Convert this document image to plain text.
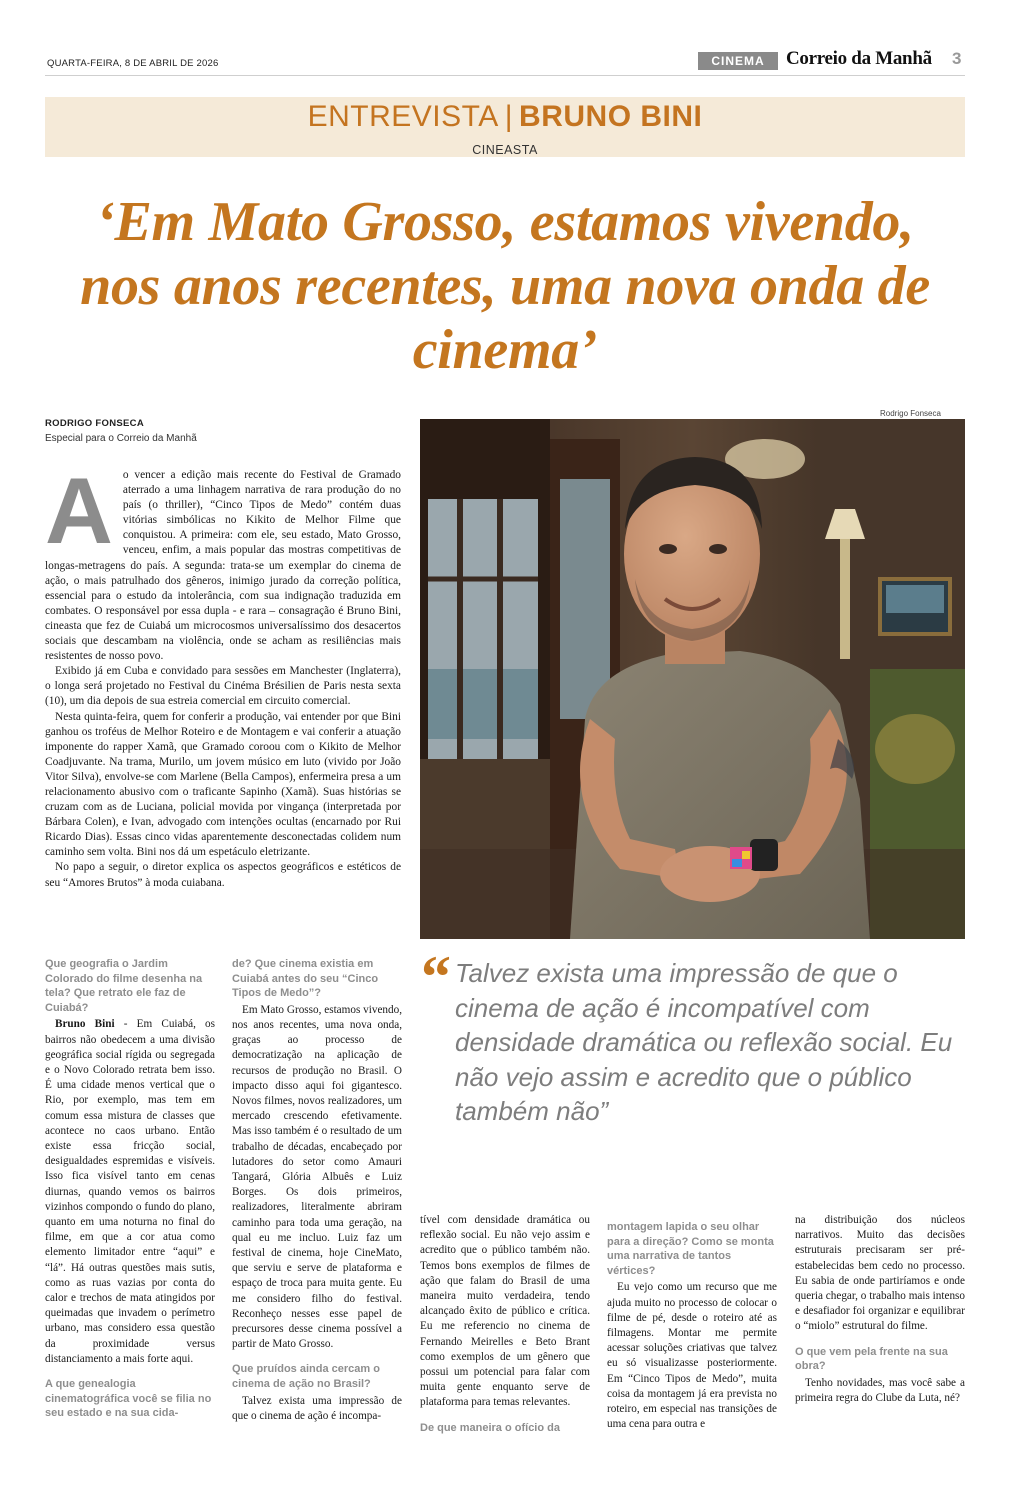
QUARTA-FEIRA, 8 DE ABRIL DE 2026	CINEMA	Correio da Manhã 3
ENTREVISTA | BRUNO BINI
CINEASTA
‘Em Mato Grosso, estamos vivendo, nos anos recentes, uma nova onda de cinema’
RODRIGO FONSECA
Especial para o Correio da Manhã
Rodrigo Fonseca
A o vencer a edição mais recente do Festival de Gramado aterrado a uma linhagem narrativa de rara produção do no país (o thriller), “Cinco Tipos de Medo” contém duas vitórias simbólicas no Kikito de Melhor Filme que conquistou. A primeira: com ele, seu estado, Mato Grosso, venceu, enfim, a mais popular das mostras competitivas de longas-metragens do país. A segunda: trata-se um exemplar do cinema de ação, o mais patrulhado dos gêneros, inimigo jurado da correção política, essencial para o estudo da intolerância, com sua indignação traduzida em combates. O responsável por essa dupla - e rara – consagração é Bruno Bini, cineasta que fez de Cuiabá um microcosmos universalíssimo dos desacertos sociais que descambam na violência, onde se acham as resiliências mais resistentes de nosso povo.

Exibido já em Cuba e convidado para sessões em Manchester (Inglaterra), o longa será projetado no Festival du Cinéma Brésilien de Paris nesta sexta (10), um dia depois de sua estreia comercial em circuito comercial.

Nesta quinta-feira, quem for conferir a produção, vai entender por que Bini ganhou os troféus de Melhor Roteiro e de Montagem e vai conferir a atuação imponente do rapper Xamã, que Gramado coroou com o Kikito de Melhor Coadjuvante. Na trama, Murilo, um jovem músico em luto (vivido por João Vitor Silva), envolve-se com Marlene (Bella Campos), enfermeira presa a um relacionamento abusivo com o traficante Sapinho (Xamã). Suas histórias se cruzam com as de Luciana, policial movida por vingança (interpretada por Bárbara Colen), e Ivan, advogado com intenções ocultas (encarnado por Rui Ricardo Dias). Essas cinco vidas aparentemente desconectadas colidem num caminho sem volta. Bini nos dá um espetáculo eletrizante.

No papo a seguir, o diretor explica os aspectos geográficos e estéticos de seu “Amores Brutos” à moda cuiabana.

“ Talvez exista uma impressão de que o cinema de ação é incompatível com densidade dramática ou reflexão social. Eu não vejo assim e acredito que o público também não”
Que geografia o Jardim Colorado do filme desenha na tela? Que retrato ele faz de Cuiabá?

Bruno Bini - Em Cuiabá, os bairros não obedecem a uma divisão geográfica social rígida ou segregada e o Novo Colorado retrata bem isso. É uma cidade menos vertical que o Rio, por exemplo, mas tem em comum essa mistura de classes que acontece no caos urbano. Então existe essa fricção social, desigualdades espremidas e visíveis. Isso fica visível tanto em cenas diurnas, quando vemos os bairros vizinhos compondo o fundo do plano, quanto em uma noturna no final do filme, em que a cor atua como elemento limitador entre “aqui” e “lá”. Há outras questões mais sutis, como as ruas vazias por conta do calor e trechos de mata atingidos por queimadas que invadem o perímetro urbano, mas considero essa questão da proximidade versus distanciamento a mais forte aqui.

A que genealogia cinematográfica você se filia no seu estado e na sua cida-
de? Que cinema existia em Cuiabá antes do seu “Cinco Tipos de Medo”?

Em Mato Grosso, estamos vivendo, nos anos recentes, uma nova onda, graças ao processo de democratização na aplicação de recursos de produção no Brasil. O impacto disso aqui foi gigantesco. Novos filmes, novos realizadores, um mercado crescendo efetivamente. Mas isso também é o resultado de um trabalho de décadas, encabeçado por lutadores do setor como Amauri Tangará, Glória Albuês e Luiz Borges. Os dois primeiros, realizadores, literalmente abriram caminho para toda uma geração, na qual eu me incluo. Luiz faz um festival de cinema, hoje CineMato, que serviu e serve de plataforma e espaço de troca para muita gente. Eu me considero filho do festival. Reconheço nesses esse papel de precursores desse cinema possível a partir de Mato Grosso.

Que pruídos ainda cercam o cinema de ação no Brasil?

Talvez exista uma impressão de que o cinema de ação é incompa-

tível com densidade dramática ou reflexão social. Eu não vejo assim e acredito que o público também não. Temos bons exemplos de filmes de ação que falam do Brasil de uma maneira muito verdadeira, tendo alcançado êxito de público e crítica. Eu me referencio no cinema de Fernando Meirelles e Beto Brant como exemplos de um gênero que possui um potencial para falar com muita gente enquanto serve de plataforma para temas relevantes.

De que maneira o ofício da
montagem lapida o seu olhar para a direção? Como se monta uma narrativa de tantos vértices?

Eu vejo como um recurso que me ajuda muito no processo de colocar o filme de pé, desde o roteiro até as filmagens. Montar me permite acessar soluções criativas que talvez eu só visualizasse posteriormente. Em “Cinco Tipos de Medo”, muita coisa da montagem já era prevista no roteiro, em especial nas transições de uma cena para outra e

na distribuição dos núcleos narrativos. Muito das decisões estruturais precisaram ser pré-estabelecidas bem cedo no processo. Eu sabia de onde partiríamos e onde queria chegar, o trabalho mais intenso e desafiador foi organizar e equilibrar o “miolo” estrutural do filme.

O que vem pela frente na sua obra?

Tenho novidades, mas você sabe a primeira regra do Clube da Luta, né?
